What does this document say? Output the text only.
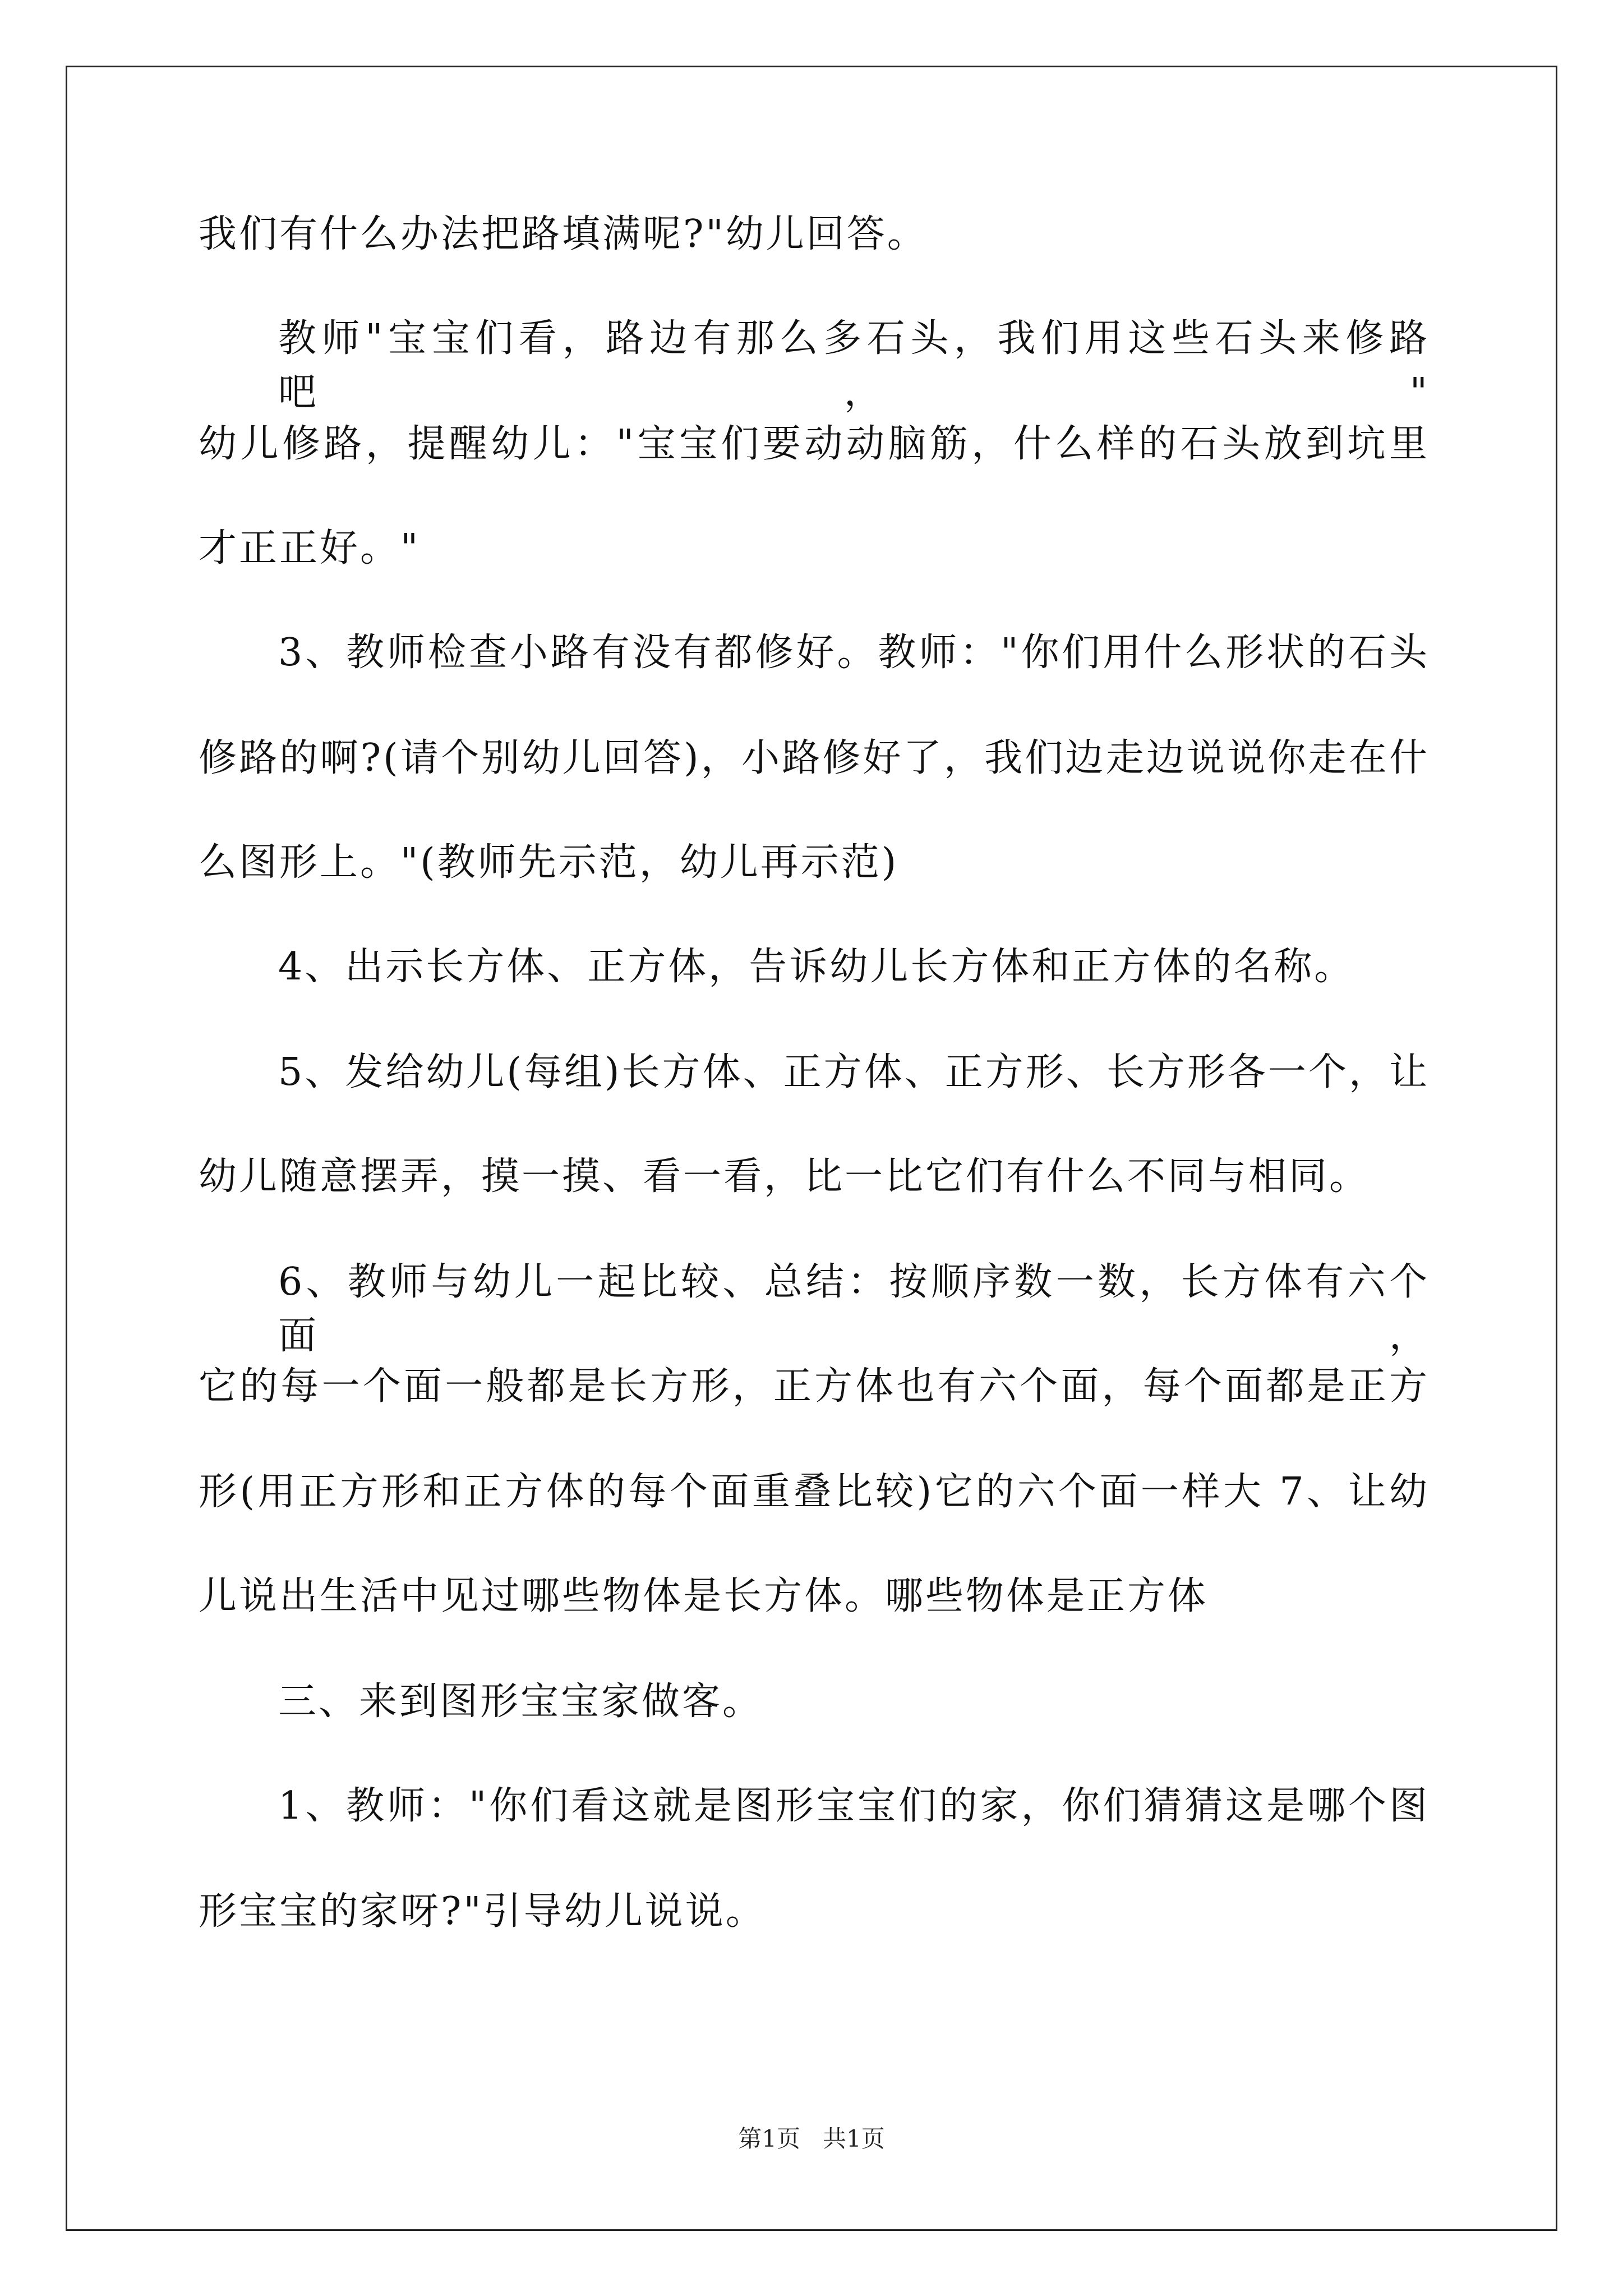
我们有什么办法把路填满呢?"幼儿回答。
教师"宝宝们看，路边有那么多石头，我们用这些石头来修路吧，"
幼儿修路，提醒幼儿："宝宝们要动动脑筋，什么样的石头放到坑里
才正正好。"
3、教师检查小路有没有都修好。教师："你们用什么形状的石头
修路的啊?(请个别幼儿回答)，小路修好了，我们边走边说说你走在什
么图形上。"(教师先示范，幼儿再示范)
4、出示长方体、正方体，告诉幼儿长方体和正方体的名称。
5、发给幼儿(每组)长方体、正方体、正方形、长方形各一个，让
幼儿随意摆弄，摸一摸、看一看，比一比它们有什么不同与相同。
6、教师与幼儿一起比较、总结：按顺序数一数，长方体有六个面，
它的每一个面一般都是长方形，正方体也有六个面，每个面都是正方
形(用正方形和正方体的每个面重叠比较)它的六个面一样大 7、让幼
儿说出生活中见过哪些物体是长方体。哪些物体是正方体
三、来到图形宝宝家做客。
1、教师："你们看这就是图形宝宝们的家，你们猜猜这是哪个图
形宝宝的家呀?"引导幼儿说说。
第1页 共1页
